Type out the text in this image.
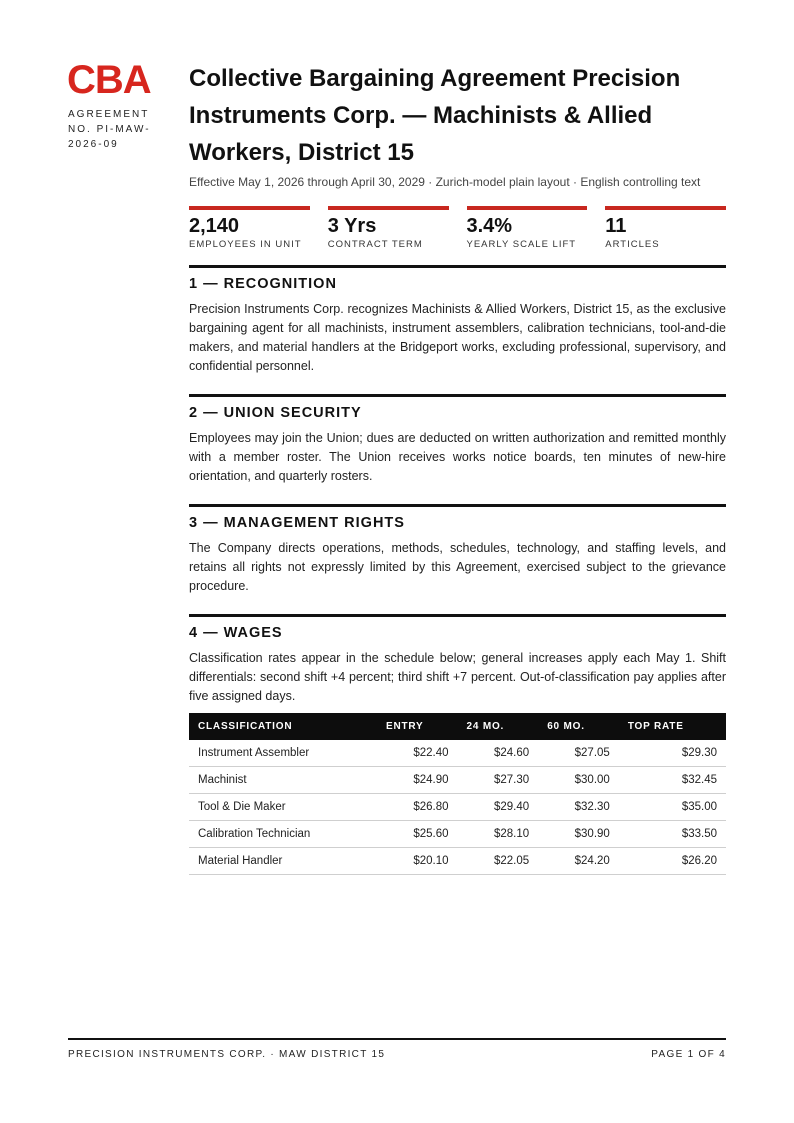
CBA
AGREEMENT NO. PI-MAW-2026-09
Collective Bargaining Agreement Precision Instruments Corp. — Machinists & Allied Workers, District 15
Effective May 1, 2026 through April 30, 2029 · Zurich-model plain layout · English controlling text
2,140
EMPLOYEES IN UNIT
3 Yrs
CONTRACT TERM
3.4%
YEARLY SCALE LIFT
11
ARTICLES
1 — RECOGNITION

Precision Instruments Corp. recognizes Machinists & Allied Workers, District 15, as the exclusive bargaining agent for all machinists, instrument assemblers, calibration technicians, tool-and-die makers, and material handlers at the Bridgeport works, excluding professional, supervisory, and confidential personnel.

2 — UNION SECURITY

Employees may join the Union; dues are deducted on written authorization and remitted monthly with a member roster. The Union receives works notice boards, ten minutes of new-hire orientation, and quarterly rosters.

3 — MANAGEMENT RIGHTS

The Company directs operations, methods, schedules, technology, and staffing levels, and retains all rights not expressly limited by this Agreement, exercised subject to the grievance procedure.

4 — WAGES

Classification rates appear in the schedule below; general increases apply each May 1. Shift differentials: second shift +4 percent; third shift +7 percent. Out-of-classification pay applies after five assigned days.

CLASSIFICATION	ENTRY	24 MO.	60 MO.	TOP RATE
Instrument Assembler	$22.40	$24.60	$27.05	$29.30
Machinist	$24.90	$27.30	$30.00	$32.45
Tool & Die Maker	$26.80	$29.40	$32.30	$35.00
Calibration Technician	$25.60	$28.10	$30.90	$33.50
Material Handler	$20.10	$22.05	$24.20	$26.20
PRECISION INSTRUMENTS CORP. · MAW DISTRICT 15	PAGE 1 OF 4
